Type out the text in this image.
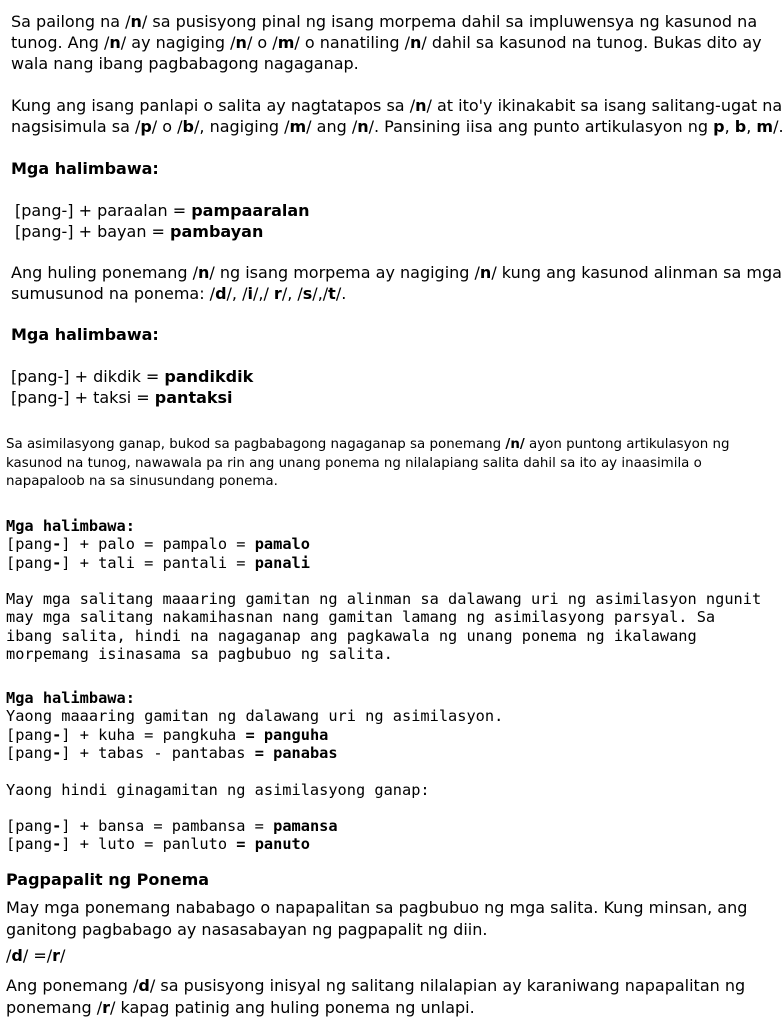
Sa pailong na /n/ sa pusisyong pinal ng isang morpema dahil sa impluwensya ng kasunod na
tunog. Ang /n/ ay nagiging /n/ o /m/ o nanatiling /n/ dahil sa kasunod na tunog. Bukas dito ay
wala nang ibang pagbabagong nagaganap.
Kung ang isang panlapi o salita ay nagtatapos sa /n/ at ito'y ikinakabit sa isang salitang-ugat na
nagsisimula sa /p/ o /b/, nagiging /m/ ang /n/. Pansining iisa ang punto artikulasyon ng p, b, m/.
Mga halimbawa:
[pang-] + paraalan = pampaaralan
[pang-] + bayan = pambayan
Ang huling ponemang /n/ ng isang morpema ay nagiging /n/ kung ang kasunod alinman sa mga
sumusunod na ponema: /d/, /i/,/ r/, /s/,/t/.
Mga halimbawa:
[pang-] + dikdik = pandikdik
[pang-] + taksi = pantaksi
Sa asimilasyong ganap, bukod sa pagbabagong nagaganap sa ponemang /n/ ayon puntong artikulasyon ng
kasunod na tunog, nawawala pa rin ang unang ponema ng nilalapiang salita dahil sa ito ay inaasimila o
napapaloob na sa sinusundang ponema.
Mga halimbawa:
[pang-] + palo = pampalo = pamalo
[pang-] + tali = pantali = panali
May mga salitang maaaring gamitan ng alinman sa dalawang uri ng asimilasyon ngunit
may mga salitang nakamihasnan nang gamitan lamang ng asimilasyong parsyal. Sa
ibang salita, hindi na nagaganap ang pagkawala ng unang ponema ng ikalawang
morpemang isinasama sa pagbubuo ng salita.
Mga halimbawa:
Yaong maaaring gamitan ng dalawang uri ng asimilasyon.
[pang-] + kuha = pangkuha = panguha
[pang-] + tabas - pantabas = panabas
Yaong hindi ginagamitan ng asimilasyong ganap:
[pang-] + bansa = pambansa = pamansa
[pang-] + luto = panluto = panuto
Pagpapalit ng Ponema
May mga ponemang nababago o napapalitan sa pagbubuo ng mga salita. Kung minsan, ang
ganitong pagbabago ay nasasabayan ng pagpapalit ng diin.
/d/ =/r/
Ang ponemang /d/ sa pusisyong inisyal ng salitang nilalapian ay karaniwang napapalitan ng
ponemang /r/ kapag patinig ang huling ponema ng unlapi.
